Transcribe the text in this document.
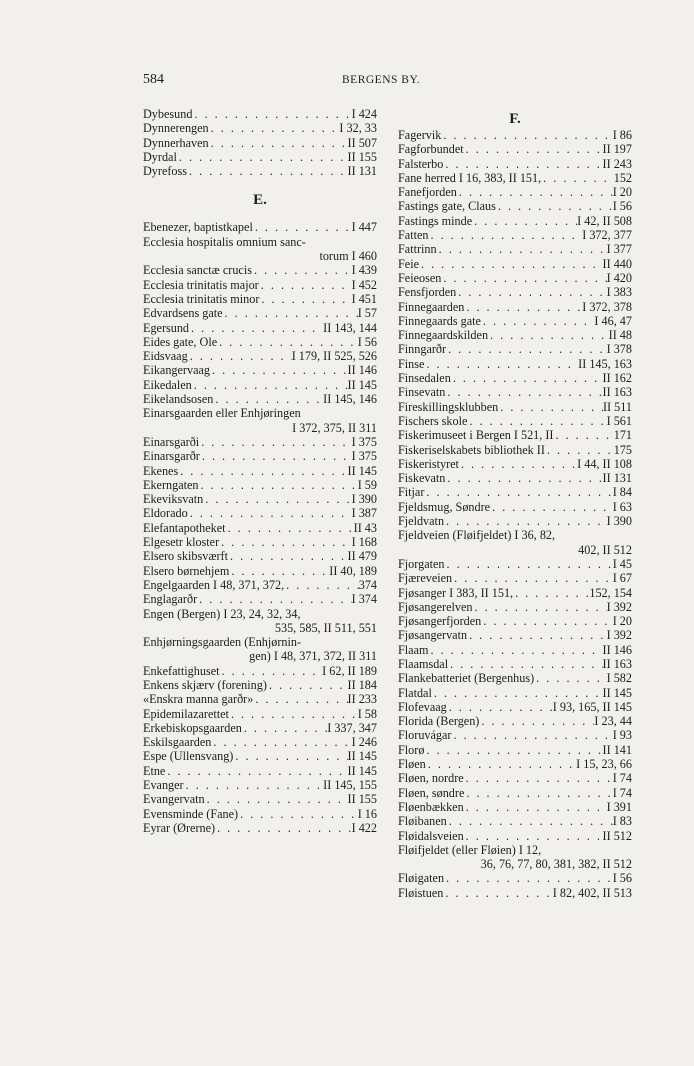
584	BERGENS BY.
Dybesund . . .	I 424
Dynnerengen . . .	I 32, 33
Dynnerhaven . . .	II 507
Dyrdal . . .	II 155
Dyrefoss . . .	II 131
E.
Ebenezer, baptistkapel . . .	I 447
Ecclesia hospitalis omnium sanc-
torum I 460
Ecclesia sanctæ crucis . . .	I 439
Ecclesia trinitatis major . . .	I 452
Ecclesia trinitatis minor . . .	I 451
Edvardsens gate . . .	I 57
Egersund . . .	II 143, 144
Eides gate, Ole . . .	I 56
Eidsvaag . . .	I 179, II 525, 526
Eikangervaag . . .	II 146
Eikedalen . . .	II 145
Eikelandsosen . . .	II 145, 146
Einarsgaarden eller Enhjøringen
I 372, 375, II 311
Einarsgarði . . .	I 375
Einarsgarðr . . .	I 375
Ekenes . . .	II 145
Ekerngaten . . .	I 59
Ekeviksvatn . . .	I 390
Eldorado . . .	I 387
Elefantapotheket . . .	II 43
Elgesetr kloster . . .	I 168
Elsero skibsværft . . .	II 479
Elsero børnehjem . . .	II 40, 189
Engelgaarden I 48, 371, 372, . . .	374
Englagarðr . . .	I 374
Engen (Bergen) I 23, 24, 32, 34,
535, 585, II 511, 551
Enhjørningsgaarden (Enhjørnin-
gen) I 48, 371, 372, II 311
Enkefattighuset . . .	I 62, II 189
Enkens skjærv (forening) . . .	II 184
«Enskra manna garðr» . . .	II 233
Epidemilazarettet . . .	I 58
Erkebiskopsgaarden . . .	I 337, 347
Eskilsgaarden . . .	I 246
Espe (Ullensvang) . . .	II 145
Etne . . .	II 145
Evanger . . .	II 145, 155
Evangervatn . . .	II 155
Evensminde (Fane) . . .	I 16
Eyrar (Ørerne) . . .	I 422
F.
Fagervik . . .	I 86
Fagforbundet . . .	II 197
Falsterbo . . .	II 243
Fane herred I 16, 383, II 151, . . .	152
Fanefjorden . . .	I 20
Fastings gate, Claus . . .	I 56
Fastings minde . . .	I 42, II 508
Fatten . . .	I 372, 377
Fattrinn . . .	I 377
Feie . . .	II 440
Feieosen . . .	I 420
Fensfjorden . . .	I 383
Finnegaarden . . .	I 372, 378
Finnegaards gate . . .	I 46, 47
Finnegaardskilden . . .	II 48
Finngarðr . . .	I 378
Finse . . .	II 145, 163
Finsedalen . . .	II 162
Finsevatn . . .	II 163
Fireskillingsklubben . . .	II 511
Fischers skole . . .	I 561
Fiskerimuseet i Bergen I 521, II . . .	171
Fiskeriselskabets bibliothek II . . .	175
Fiskeristyret . . .	I 44, II 108
Fiskevatn . . .	II 131
Fitjar . . .	I 84
Fjeldsmug, Søndre . . .	I 63
Fjeldvatn . . .	I 390
Fjeldveien (Fløifjeldet) I 36, 82,
402, II 512
Fjorgaten . . .	I 45
Fjæreveien . . .	I 67
Fjøsanger I 383, II 151, . . .	152, 154
Fjøsangerelven . . .	I 392
Fjøsangerfjorden . . .	I 20
Fjøsangervatn . . .	I 392
Flaam . . .	II 146
Flaamsdal . . .	II 163
Flankebatteriet (Bergenhus) . . .	I 582
Flatdal . . .	II 145
Flofevaag . . .	I 93, 165, II 145
Florida (Bergen) . . .	I 23, 44
Floruvágar . . .	I 93
Florø . . .	II 141
Fløen . . .	I 15, 23, 66
Fløen, nordre . . .	I 74
Fløen, søndre . . .	I 74
Fløenbækken . . .	I 391
Fløibanen . . .	I 83
Fløidalsveien . . .	II 512
Fløifjeldet (eller Fløien) I 12,
36, 76, 77, 80, 381, 382, II 512
Fløigaten . . .	I 56
Fløistuen . . .	I 82, 402, II 513
